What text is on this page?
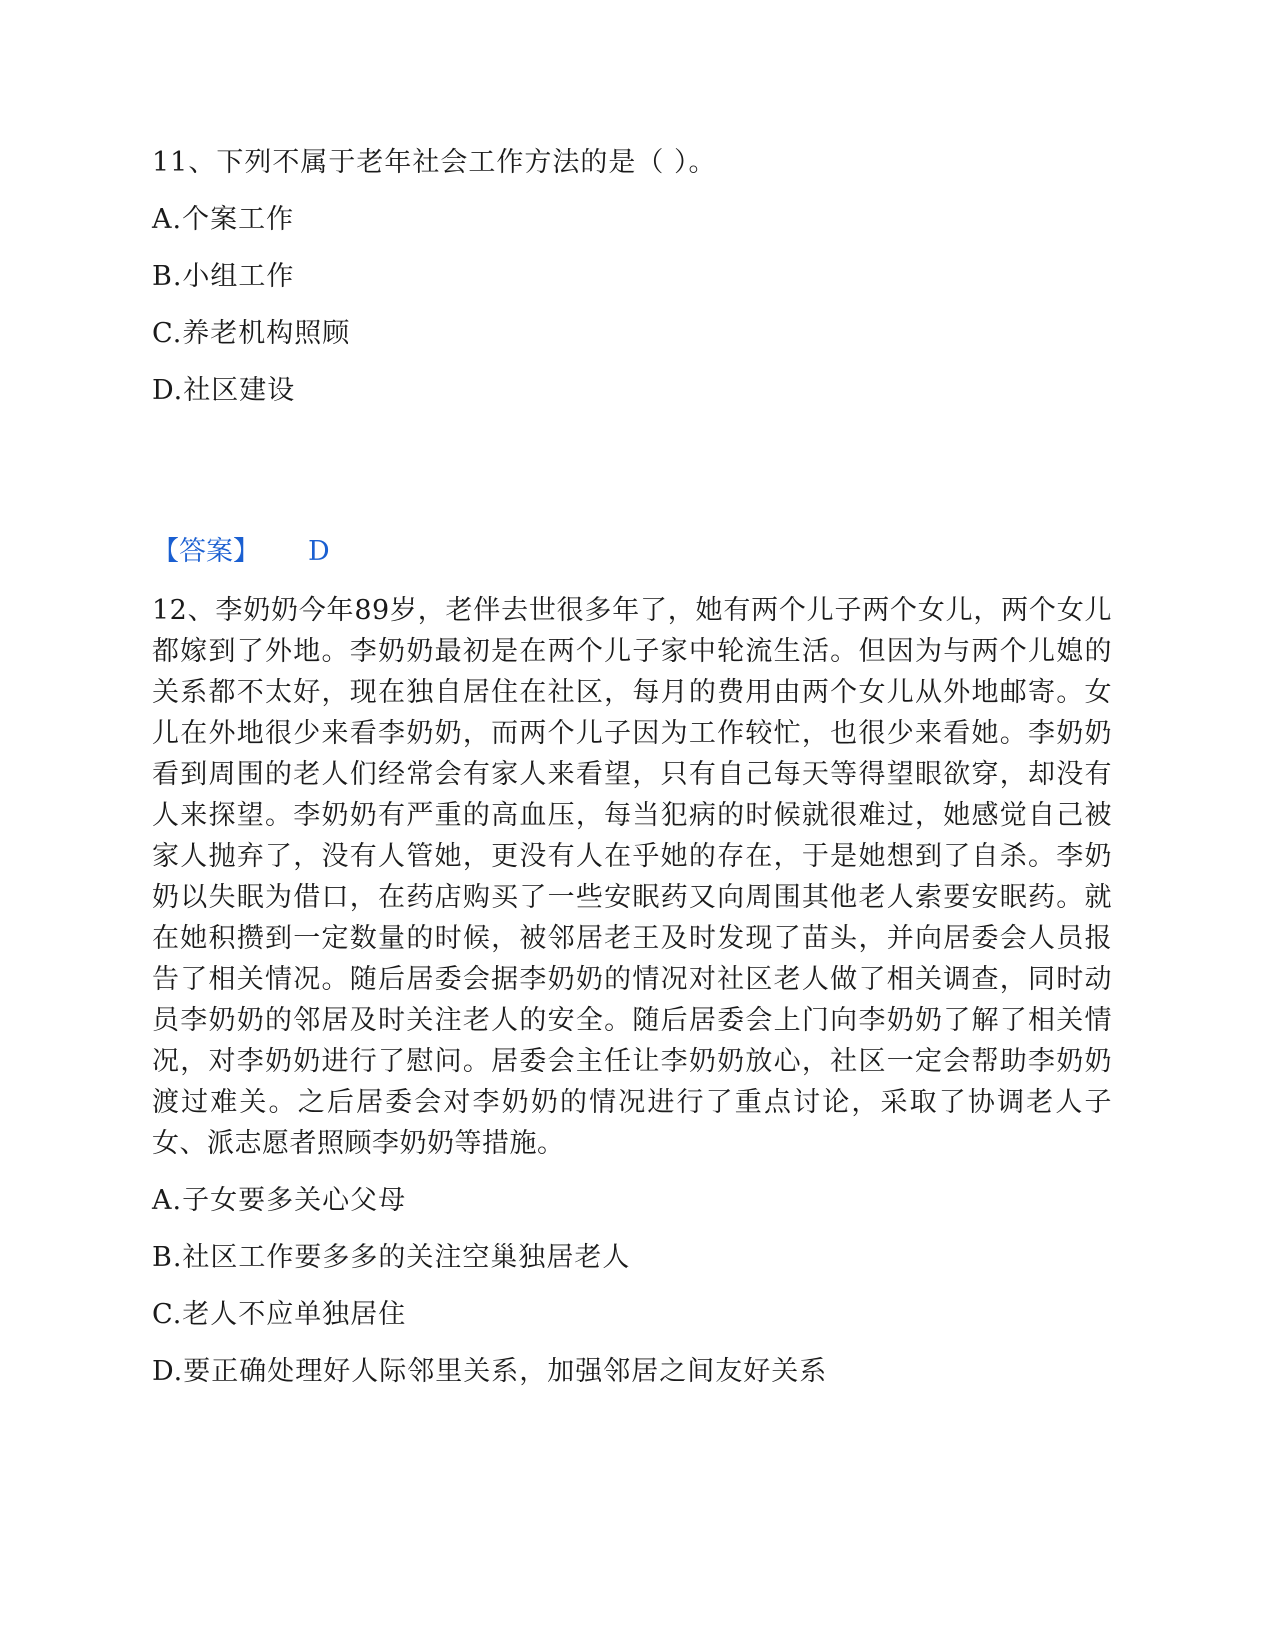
11、下列不属于老年社会工作方法的是（ ）。

A.个案工作

B.小组工作

C.养老机构照顾

D.社区建设

【答案】 D

12、李奶奶今年89岁，老伴去世很多年了，她有两个儿子两个女儿，两个女儿都嫁到了外地。李奶奶最初是在两个儿子家中轮流生活。但因为与两个儿媳的关系都不太好，现在独自居住在社区，每月的费用由两个女儿从外地邮寄。女儿在外地很少来看李奶奶，而两个儿子因为工作较忙，也很少来看她。李奶奶看到周围的老人们经常会有家人来看望，只有自己每天等得望眼欲穿，却没有人来探望。李奶奶有严重的高血压，每当犯病的时候就很难过，她感觉自己被家人抛弃了，没有人管她，更没有人在乎她的存在，于是她想到了自杀。李奶奶以失眠为借口，在药店购买了一些安眠药又向周围其他老人索要安眠药。就在她积攒到一定数量的时候，被邻居老王及时发现了苗头，并向居委会人员报告了相关情况。随后居委会据李奶奶的情况对社区老人做了相关调查，同时动员李奶奶的邻居及时关注老人的安全。随后居委会上门向李奶奶了解了相关情况，对李奶奶进行了慰问。居委会主任让李奶奶放心，社区一定会帮助李奶奶渡过难关。之后居委会对李奶奶的情况进行了重点讨论，采取了协调老人子女、派志愿者照顾李奶奶等措施。

A.子女要多关心父母

B.社区工作要多多的关注空巢独居老人

C.老人不应单独居住

D.要正确处理好人际邻里关系，加强邻居之间友好关系
